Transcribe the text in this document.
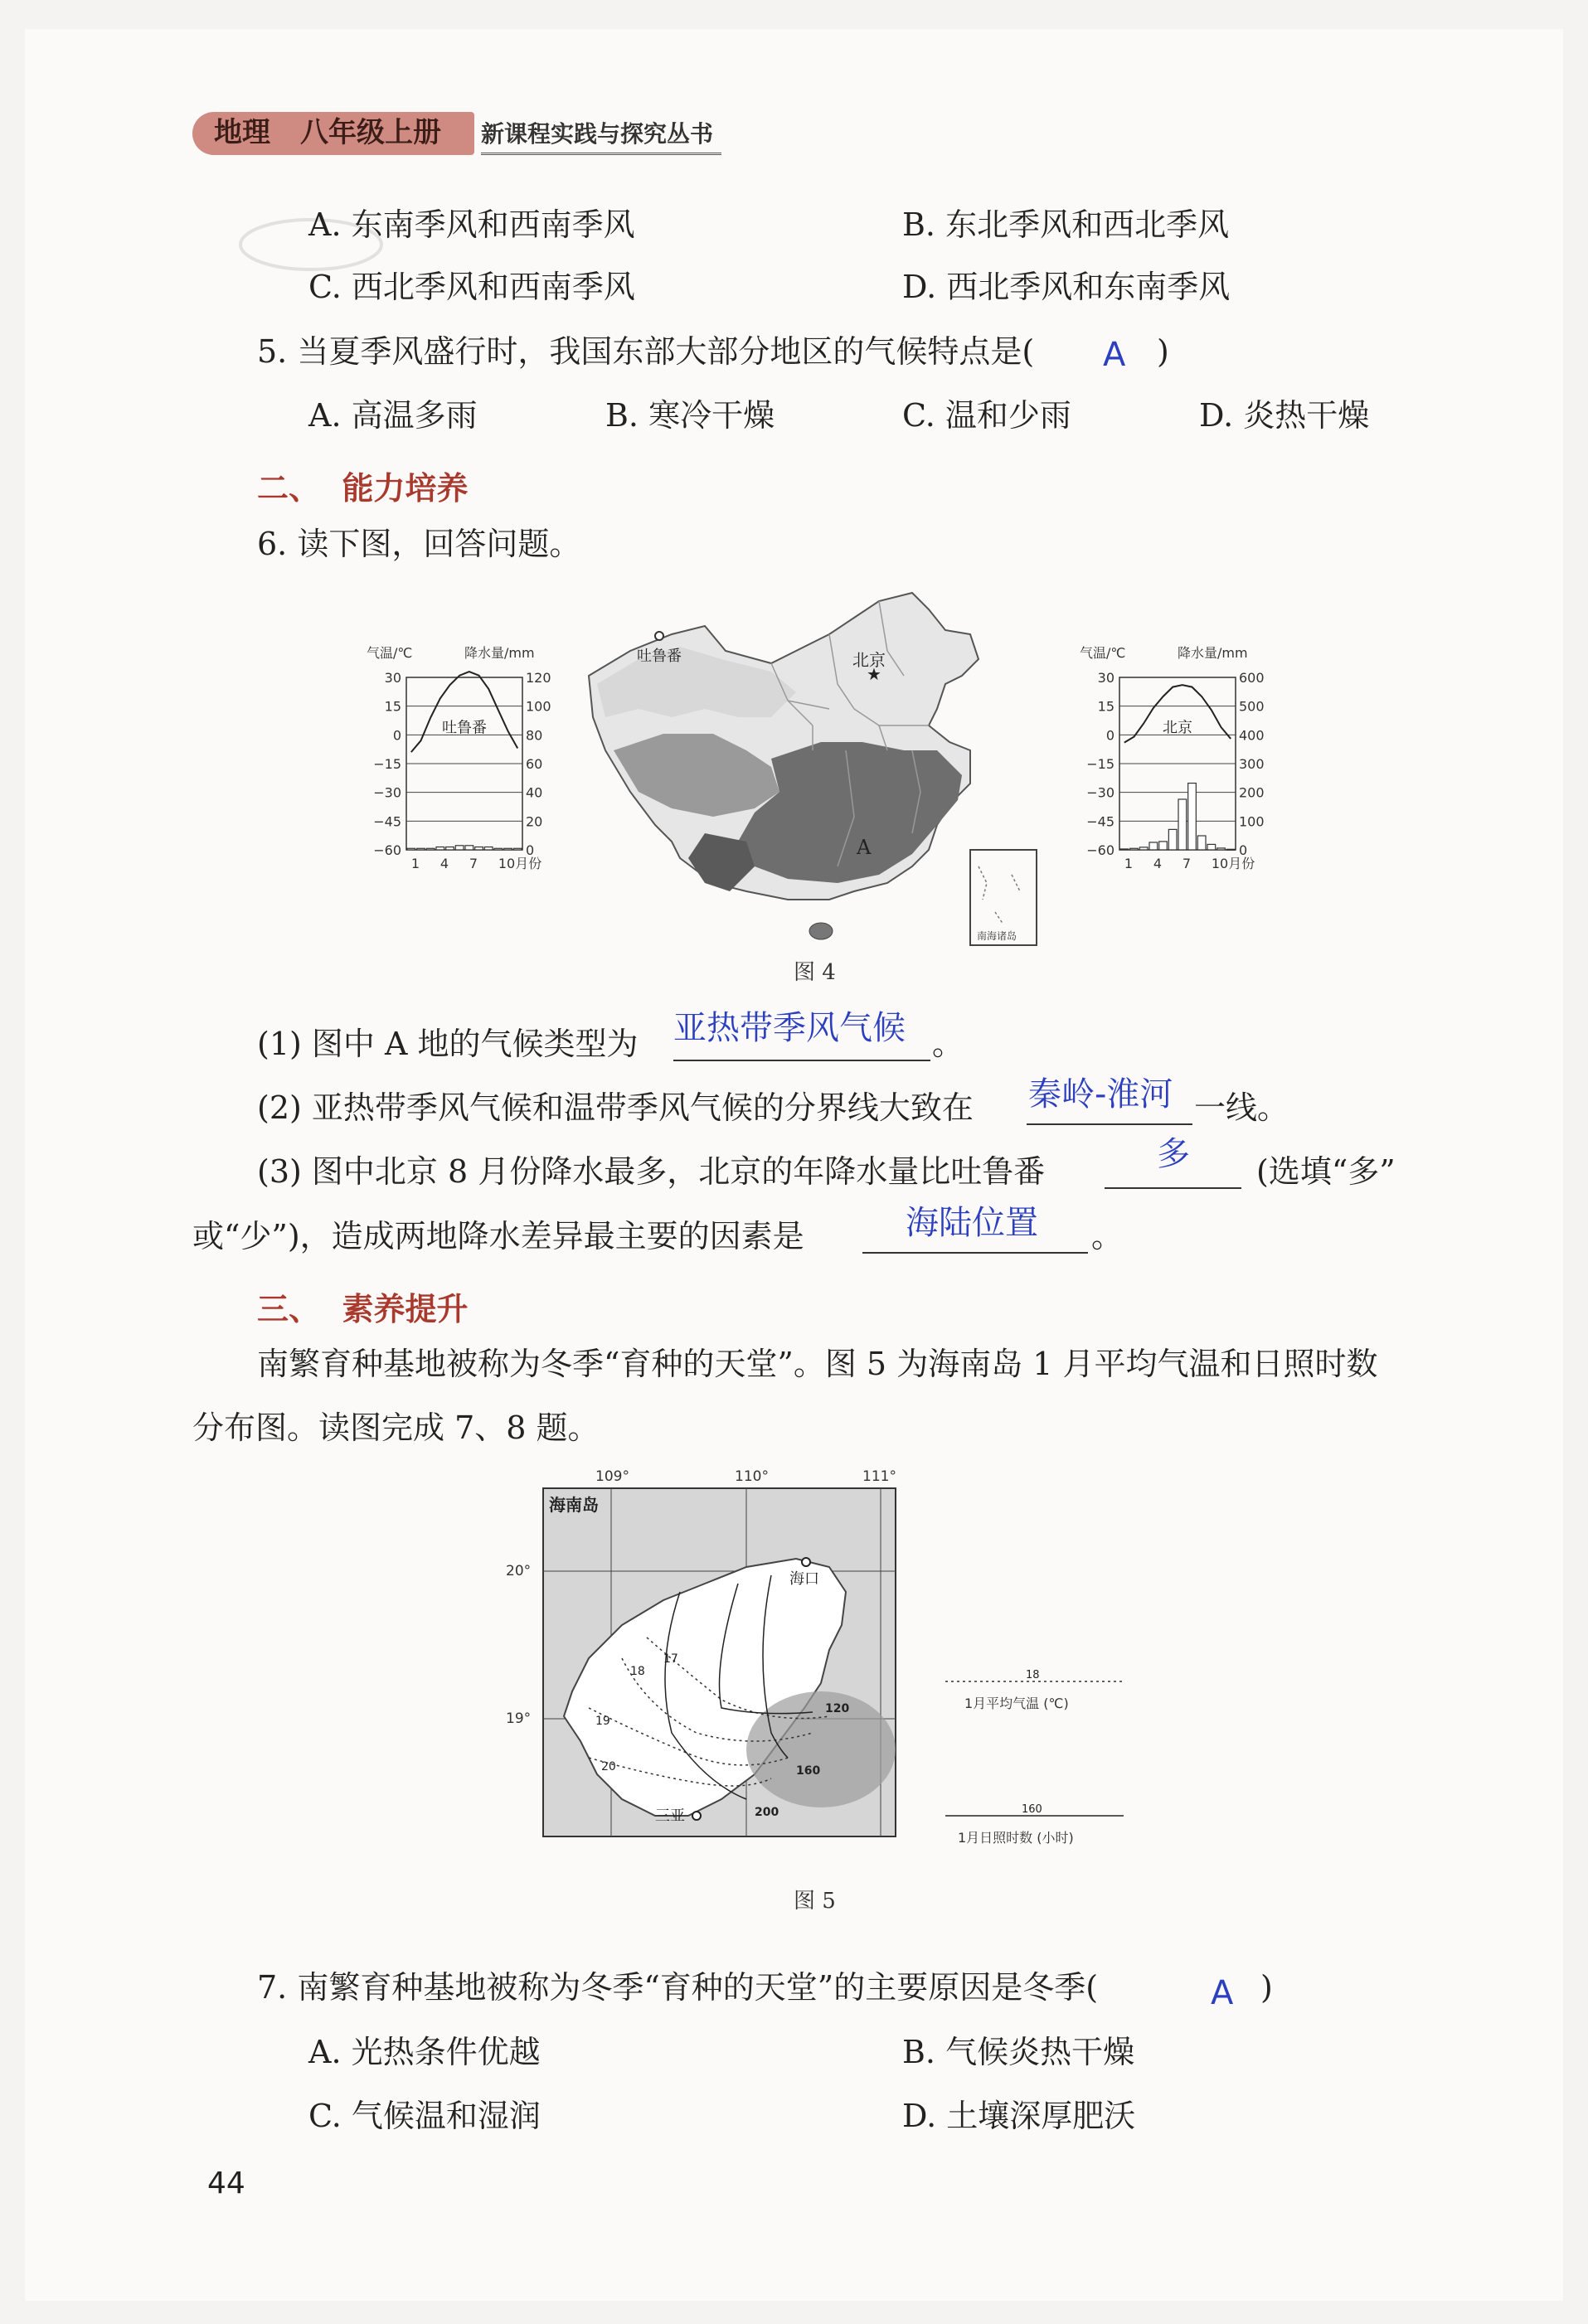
地理 八年级上册 新课程实践与探究丛书
A. 东南季风和西南季风	B. 东北季风和西北季风
C. 西北季风和西南季风	D. 西北季风和东南季风
5. 当夏季风盛行时，我国东部大部分地区的气候特点是( A )
A. 高温多雨	B. 寒冷干燥	C. 温和少雨	D. 炎热干燥
二、 能力培养
6. 读下图，回答问题。
气温/℃	降水量/mm
30	120
15	100
0	80
−15	60
−30	40
−45	20
−60	0
吐鲁番
1 4 7 10月份
吐鲁番
★
北京
A
南海诸岛
气温/℃	降水量/mm
30	600
15	500
0	400
−15	300
−30	200
−45	100
−60	0
北京
1 4 7 10月份
图 4
(1) 图中 A 地的气候类型为 亚热带季风气候 。
(2) 亚热带季风气候和温带季风气候的分界线大致在 秦岭-淮河 一线。
(3) 图中北京 8 月份降水最多，北京的年降水量比吐鲁番	多 (选填“多”
或“少”)，造成两地降水差异最主要的因素是	海陆位置 。
三、 素养提升
南繁育种基地被称为冬季“育种的天堂”。图 5 为海南岛 1 月平均气温和日照时数
分布图。读图完成 7、8 题。
109°	110°	111°
20°
19°
17
18
19
20
120
160
200
海南岛
海口
三亚
18
1月平均气温 (℃)
160
1月日照时数 (小时)
图 5
7. 南繁育种基地被称为冬季“育种的天堂”的主要原因是冬季(	A )
A. 光热条件优越	B. 气候炎热干燥
C. 气候温和湿润	D. 土壤深厚肥沃
44
